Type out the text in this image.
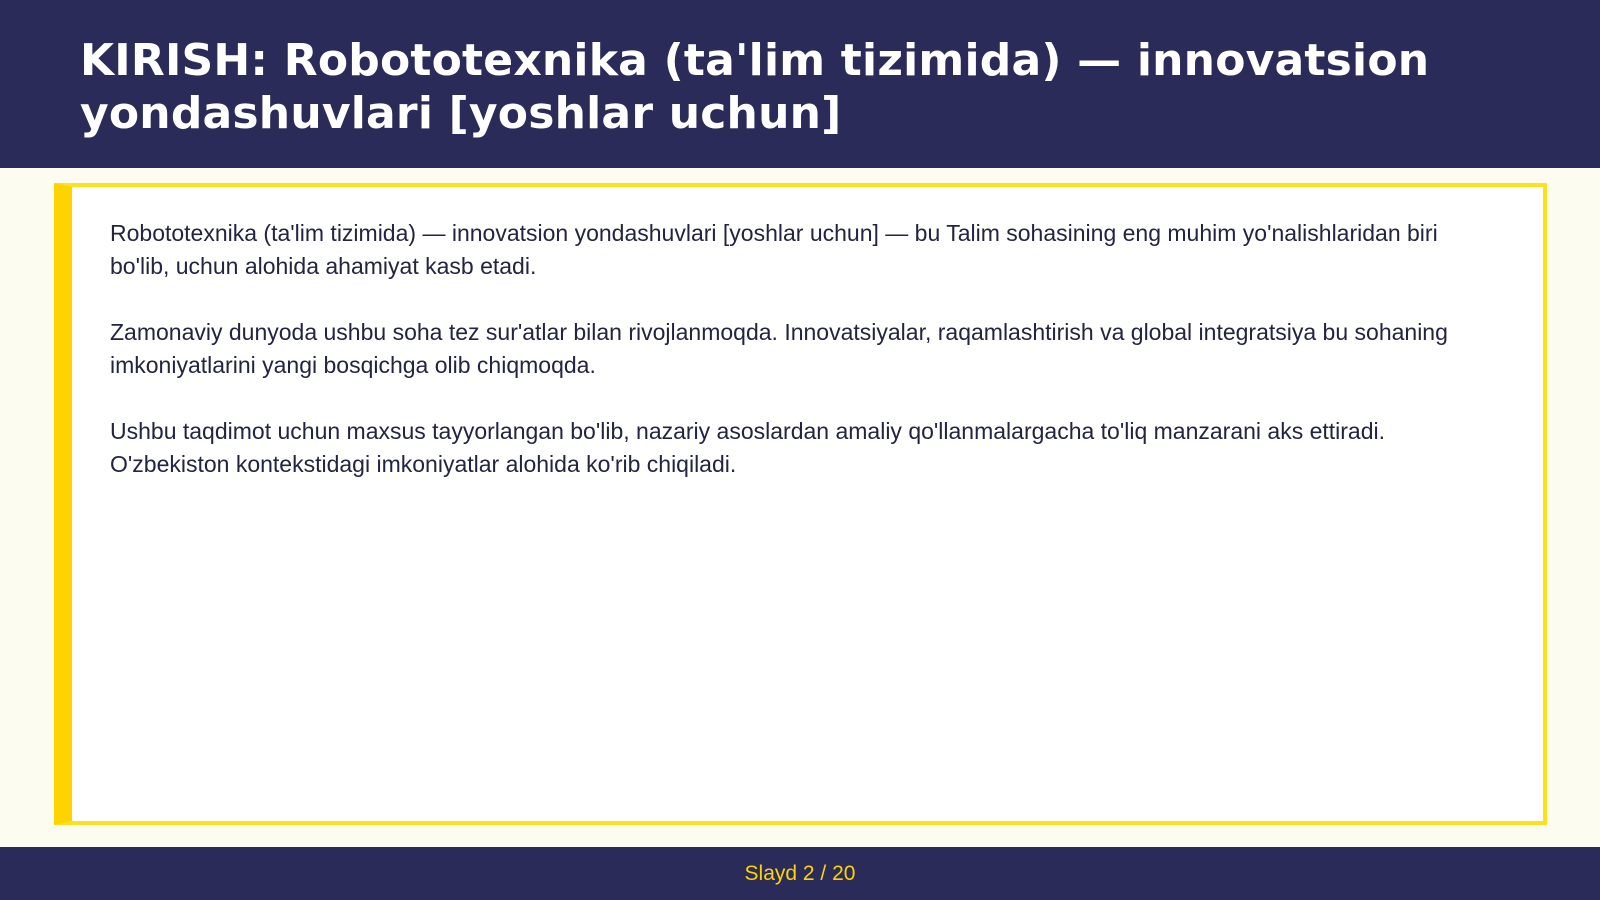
KIRISH: Robototexnika (ta'lim tizimida) — innovatsion yondashuvlari [yoshlar uchun]

Robototexnika (ta'lim tizimida) — innovatsion yondashuvlari [yoshlar uchun] — bu Talim sohasining eng muhim yo'nalishlaridan biri bo'lib, uchun alohida ahamiyat kasb etadi.

Zamonaviy dunyoda ushbu soha tez sur'atlar bilan rivojlanmoqda. Innovatsiyalar, raqamlashtirish va global integratsiya bu sohaning imkoniyatlarini yangi bosqichga olib chiqmoqda.

Ushbu taqdimot uchun maxsus tayyorlangan bo'lib, nazariy asoslardan amaliy qo'llanmalargacha to'liq manzarani aks ettiradi. O'zbekiston kontekstidagi imkoniyatlar alohida ko'rib chiqiladi.

Slayd 2 / 20
